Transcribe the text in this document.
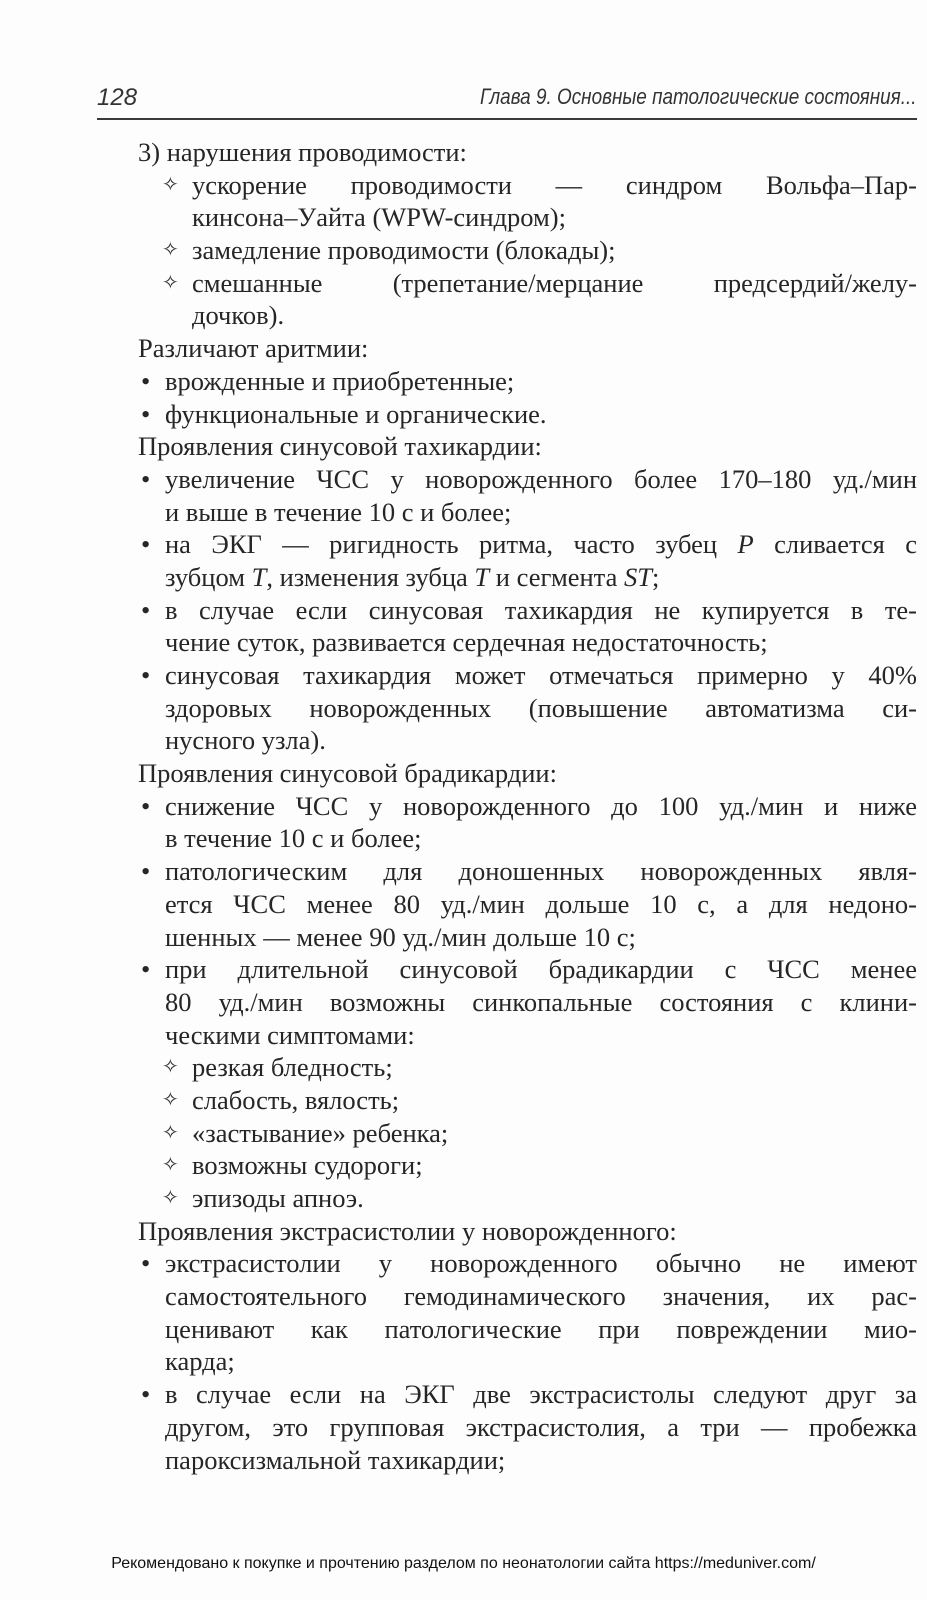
128	Глава 9. Основные патологические состояния...
3) нарушения проводимости:
✧ ускорение проводимости — синдром Вольфа–Пар-
кинсона–Уайта (WPW-синдром);
✧ замедление проводимости (блокады);
✧ смешанные (трепетание/мерцание предсердий/желу-
дочков).
Различают аритмии:
• врожденные и приобретенные;
• функциональные и органические.
Проявления синусовой тахикардии:
• увеличение ЧСС у новорожденного более 170–180 уд./мин
и выше в течение 10 с и более;
• на ЭКГ — ригидность ритма, часто зубец P сливается с
зубцом T, изменения зубца T и сегмента ST;
• в случае если синусовая тахикардия не купируется в те-
чение суток, развивается сердечная недостаточность;
• синусовая тахикардия может отмечаться примерно у 40%
здоровых новорожденных (повышение автоматизма си-
нусного узла).
Проявления синусовой брадикардии:
• снижение ЧСС у новорожденного до 100 уд./мин и ниже
в течение 10 с и более;
• патологическим для доношенных новорожденных явля-
ется ЧСС менее 80 уд./мин дольше 10 с, а для недоно-
шенных — менее 90 уд./мин дольше 10 с;
• при длительной синусовой брадикардии с ЧСС менее
80 уд./мин возможны синкопальные состояния с клини-
ческими симптомами:
✧ резкая бледность;
✧ слабость, вялость;
✧ «застывание» ребенка;
✧ возможны судороги;
✧ эпизоды апноэ.
Проявления экстрасистолии у новорожденного:
• экстрасистолии у новорожденного обычно не имеют
самостоятельного гемодинамического значения, их рас-
ценивают как патологические при повреждении мио-
карда;
• в случае если на ЭКГ две экстрасистолы следуют друг за
другом, это групповая экстрасистолия, а три — пробежка
пароксизмальной тахикардии;
Рекомендовано к покупке и прочтению разделом по неонатологии сайта https://meduniver.com/
